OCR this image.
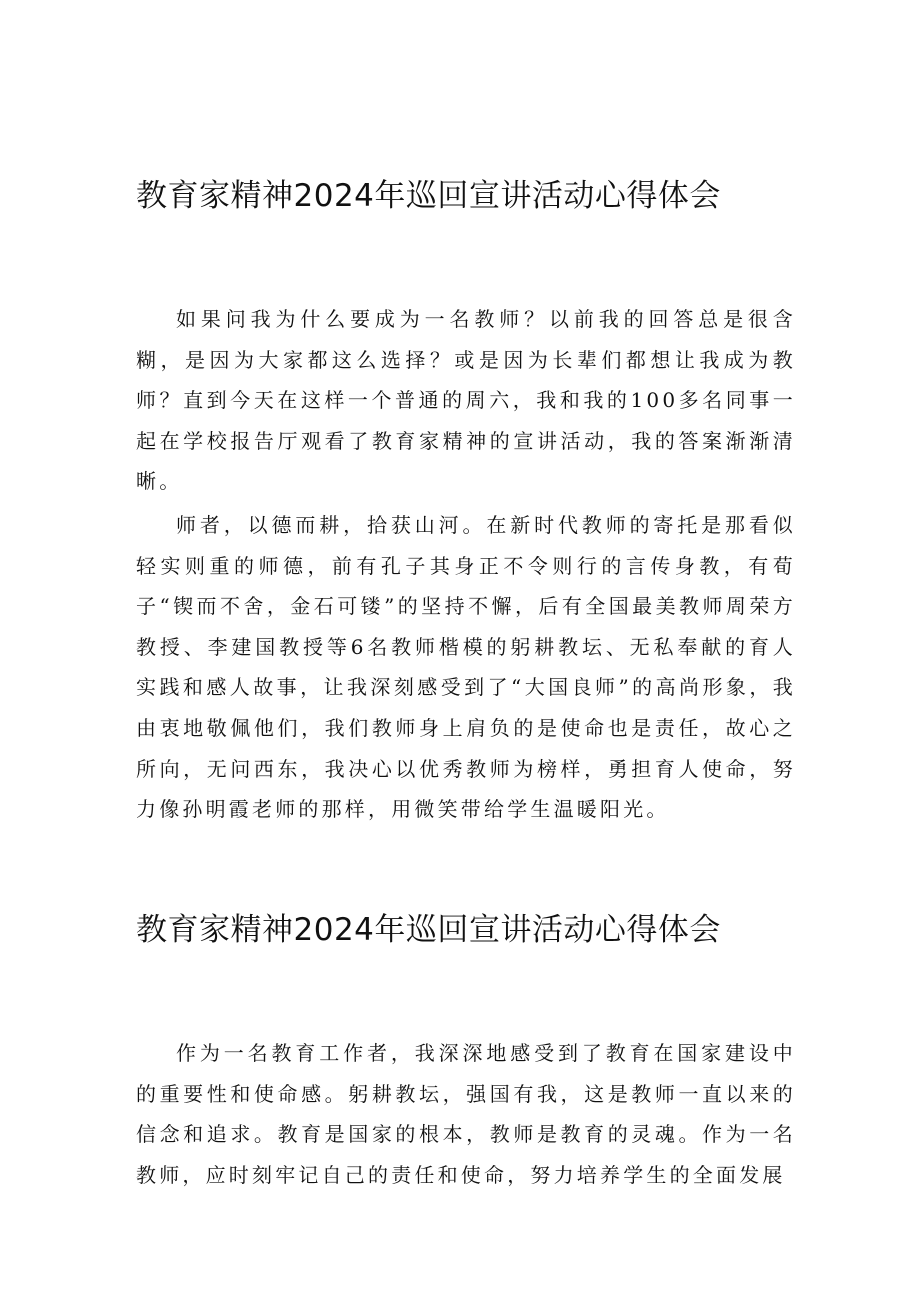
教育家精神2024年巡回宣讲活动心得体会

如果问我为什么要成为一名教师？以前我的回答总是很含糊，是因为大家都这么选择？或是因为长辈们都想让我成为教师？直到今天在这样一个普通的周六，我和我的100多名同事一起在学校报告厅观看了教育家精神的宣讲活动，我的答案渐渐清晰。

师者，以德而耕，拾获山河。在新时代教师的寄托是那看似轻实则重的师德，前有孔子其身正不令则行的言传身教，有荀子“锲而不舍，金石可镂”的坚持不懈，后有全国最美教师周荣方教授、李建国教授等6名教师楷模的躬耕教坛、无私奉献的育人实践和感人故事，让我深刻感受到了“大国良师”的高尚形象，我由衷地敬佩他们，我们教师身上肩负的是使命也是责任，故心之所向，无问西东，我决心以优秀教师为榜样，勇担育人使命，努力像孙明霞老师的那样，用微笑带给学生温暖阳光。

教育家精神2024年巡回宣讲活动心得体会

作为一名教育工作者，我深深地感受到了教育在国家建设中的重要性和使命感。躬耕教坛，强国有我，这是教师一直以来的信念和追求。教育是国家的根本，教师是教育的灵魂。作为一名教师，应时刻牢记自己的责任和使命，努力培养学生的全面发展
